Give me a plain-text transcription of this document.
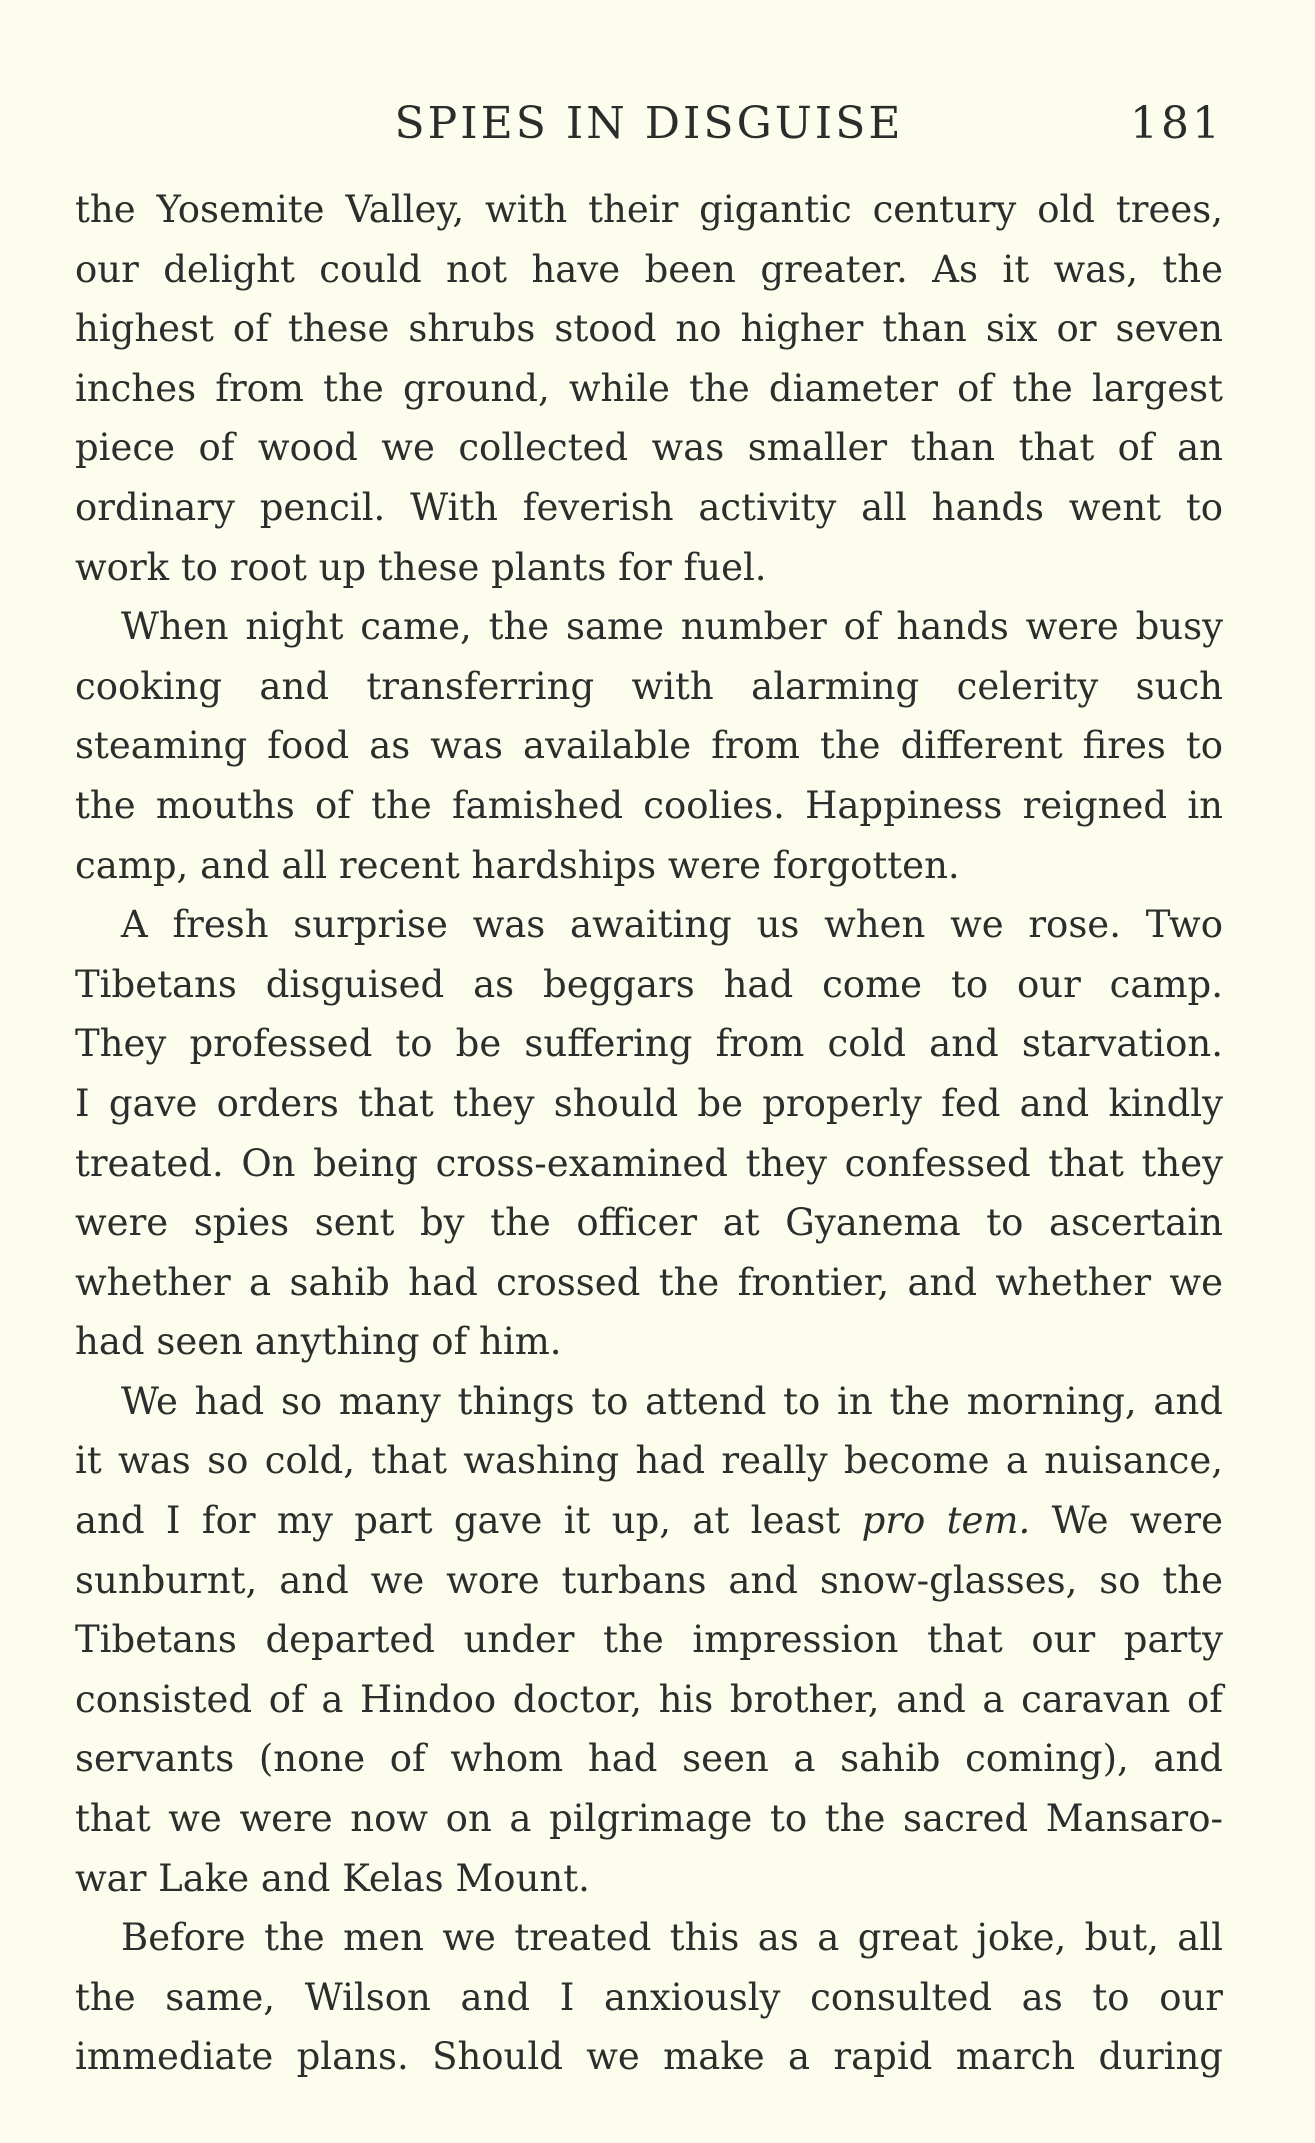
SPIES IN DISGUISE	181
the Yosemite Valley, with their gigantic century old trees,
our delight could not have been greater. As it was, the
highest of these shrubs stood no higher than six or seven
inches from the ground, while the diameter of the largest
piece of wood we collected was smaller than that of an
ordinary pencil. With feverish activity all hands went to
work to root up these plants for fuel.
When night came, the same number of hands were busy
cooking and transferring with alarming celerity such
steaming food as was available from the different fires to
the mouths of the famished coolies. Happiness reigned in
camp, and all recent hardships were forgotten.
A fresh surprise was awaiting us when we rose. Two
Tibetans disguised as beggars had come to our camp.
They professed to be suffering from cold and starvation.
I gave orders that they should be properly fed and kindly
treated. On being cross-examined they confessed that they
were spies sent by the officer at Gyanema to ascertain
whether a sahib had crossed the frontier, and whether we
had seen anything of him.
We had so many things to attend to in the morning, and
it was so cold, that washing had really become a nuisance,
and I for my part gave it up, at least pro tem. We were
sunburnt, and we wore turbans and snow-glasses, so the
Tibetans departed under the impression that our party
consisted of a Hindoo doctor, his brother, and a caravan of
servants (none of whom had seen a sahib coming), and
that we were now on a pilgrimage to the sacred Mansaro-
war Lake and Kelas Mount.
Before the men we treated this as a great joke, but, all
the same, Wilson and I anxiously consulted as to our
immediate plans. Should we make a rapid march during
